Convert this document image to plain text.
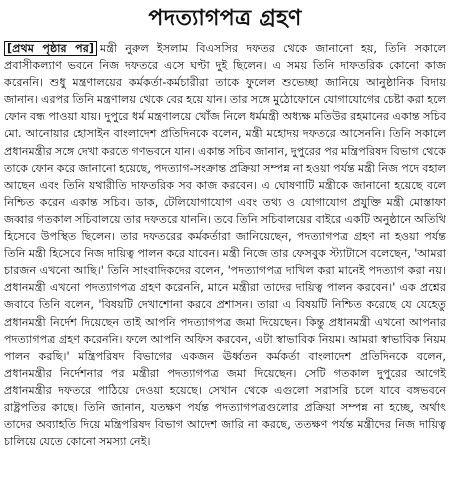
পদত্যাগপত্র গ্রহণ

[প্রথম পৃষ্ঠার পর] মন্ত্রী নুরুল ইসলাম বিএসসির দফতর থেকে জানানো হয়, তিনি সকালে প্রবাসীকল্যাণ ভবনে নিজ দফতরে এসে ঘণ্টা দুই ছিলেন। এ সময় তিনি দাফতরিক কোনো কাজ করেননি। শুধু মন্ত্রণালয়ের কর্মকর্তা-কর্মচারীরা তাকে ফুলেল শুভেচ্ছা জানিয়ে আনুষ্ঠানিক বিদায় জানান। এরপর তিনি মন্ত্রণালয় থেকে বের হয়ে যান। তার সঙ্গে মুঠোফোনে যোগাযোগের চেষ্টা করা হলে ফোন বন্ধ পাওয়া যায়। দুপুরে ধর্ম মন্ত্রণালয়ে খোঁজ নিলে ধর্মমন্ত্রী অধ্যক্ষ মতিউর রহমানের একান্ত সচিব মো. আনোয়ার হোসাইন বাংলাদেশ প্রতিদিনকে বলেন, মন্ত্রী মহোদয় দফতরে আসেননি। তিনি সকালে প্রধানমন্ত্রীর সঙ্গে দেখা করতে গণভবনে যান। একান্ত সচিব জানান, দুপুরের পর মন্ত্রিপরিষদ বিভাগ থেকে তাকে ফোন করে জানানো হয়েছে, পদত্যাগ-সংক্রান্ত প্রক্রিয়া সম্পন্ন না হওয়া পর্যন্ত মন্ত্রী নিজ পদে বহাল আছেন এবং তিনি যথারীতি দাফতরিক সব কাজ করবেন। এ ঘোষণাটি মন্ত্রীকে জানানো হয়েছে বলে নিশ্চিত করেন একান্ত সচিব। ডাক, টেলিযোগাযোগ এবং তথ্য ও যোগাযোগ প্রযুক্তি মন্ত্রী মোস্তাফা জব্বার গতকাল সচিবালয়ে তার দফতরে যাননি। তবে তিনি সচিবালয়ের বাইরে একটি অনুষ্ঠানে অতিথি হিসেবে উপস্থিত ছিলেন। তার দফতরের কর্মকর্তারা জানিয়েছেন, পদত্যাগপত্র গ্রহণ না হওয়া পর্যন্ত তিনি মন্ত্রী হিসেবে নিজ দায়িত্ব পালন করে যাবেন। মন্ত্রী নিজে তার ফেসবুক স্ট্যাটাসে বলেছেন, 'আমরা চারজন এখনো আছি।' তিনি সাংবাদিকদের বলেন, 'পদত্যাগপত্র দাখিল করা মানেই পদত্যাগ করা নয়। প্রধানমন্ত্রী এখনো পদত্যাগপত্র গ্রহণ করেননি, মানে মন্ত্রীরা তাদের দায়িত্ব পালন করবেন।' এক প্রশ্নের জবাবে তিনি বলেন, 'বিষয়টি দেখাশোনা করবে প্রশাসন। তারা এ বিষয়টি নিশ্চিত করেছে যে যেহেতু প্রধানমন্ত্রী নির্দেশ দিয়েছেন তাই আপনি পদত্যাগপত্র জমা দিয়েছেন। কিন্তু প্রধানমন্ত্রী এখনো আপনার পদত্যাগপত্র গ্রহণ করেননি। ফলে আপনি অফিস করবেন, এটা স্বাভাবিক নিয়ম। আমরা স্বাভাবিক নিয়ম পালন করছি।' মন্ত্রিপরিষদ বিভাগের একজন ঊর্ধ্বতন কর্মকর্তা বাংলাদেশ প্রতিদিনকে বলেন, প্রধানমন্ত্রীর নির্দেশনার পর মন্ত্রীরা পদত্যাগপত্র জমা দিয়েছেন। সেটি গতকাল দুপুরের আগেই প্রধানমন্ত্রীর দফতরে পাঠিয়ে দেওয়া হয়েছে। সেখান থেকে এগুলো সরাসরি চলে যাবে বঙ্গভবনে রাষ্ট্রপতির কাছে। তিনি জানান, যতক্ষণ পর্যন্ত পদত্যাগপত্রগুলোর প্রক্রিয়া সম্পন্ন না হচ্ছে, অর্থাৎ তাদের অব্যাহতি দিয়ে মন্ত্রিপরিষদ বিভাগ আদেশ জারি না করছে, ততক্ষণ পর্যন্ত মন্ত্রীদের নিজ দায়িত্ব চালিয়ে যেতে কোনো সমস্যা নেই।
